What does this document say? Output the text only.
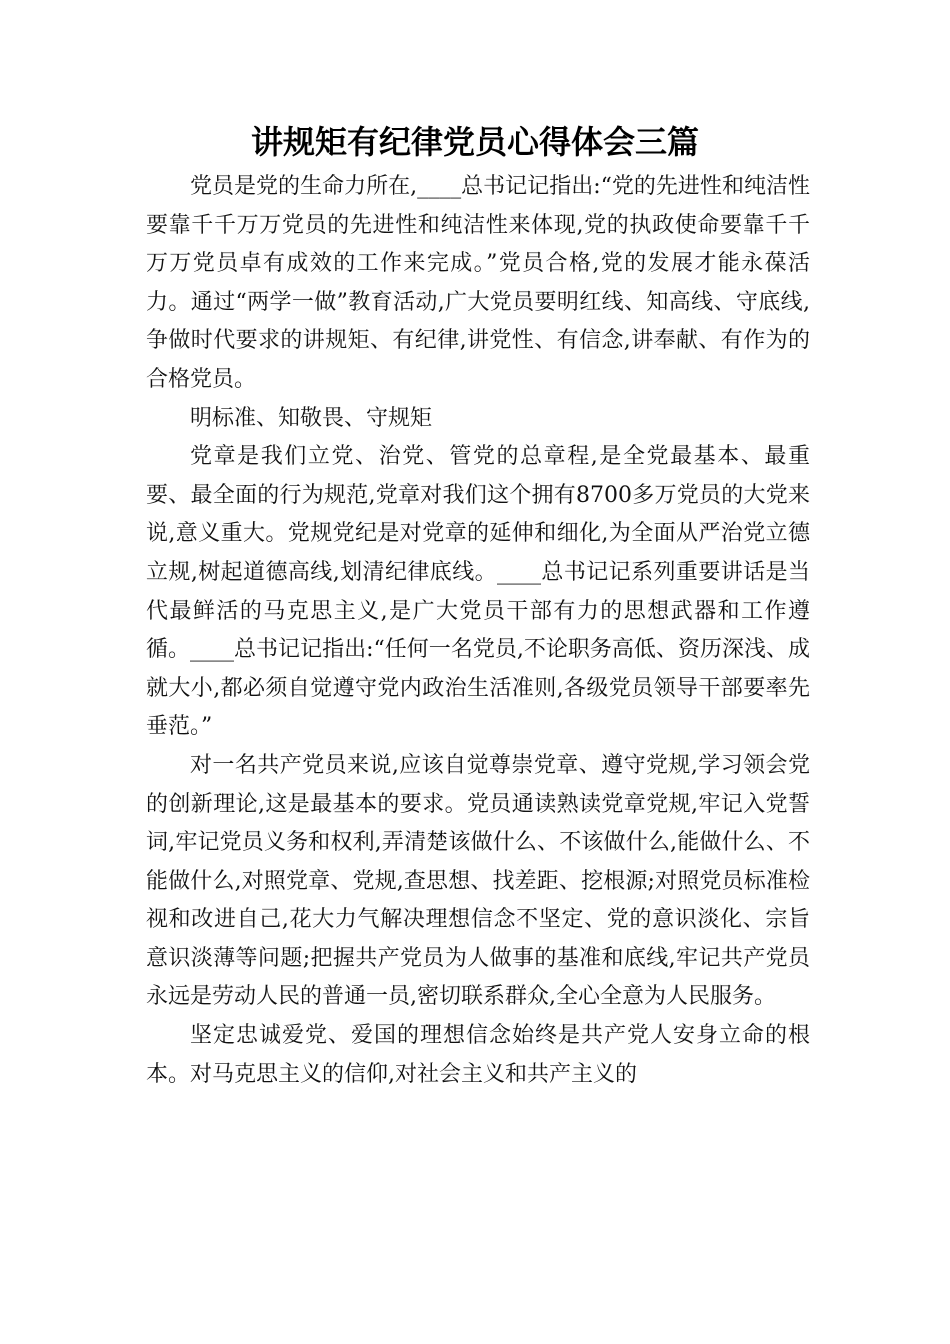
讲规矩有纪律党员心得体会三篇

党员是党的生命力所在,____总书记记指出:“党的先进性和纯洁性要靠千千万万党员的先进性和纯洁性来体现,党的执政使命要靠千千万万党员卓有成效的工作来完成。”党员合格,党的发展才能永葆活力。通过“两学一做”教育活动,广大党员要明红线、知高线、守底线,争做时代要求的讲规矩、有纪律,讲党性、有信念,讲奉献、有作为的合格党员。

明标准、知敬畏、守规矩

党章是我们立党、治党、管党的总章程,是全党最基本、最重要、最全面的行为规范,党章对我们这个拥有8700多万党员的大党来说,意义重大。党规党纪是对党章的延伸和细化,为全面从严治党立德立规,树起道德高线,划清纪律底线。____总书记记系列重要讲话是当代最鲜活的马克思主义,是广大党员干部有力的思想武器和工作遵循。____总书记记指出:“任何一名党员,不论职务高低、资历深浅、成就大小,都必须自觉遵守党内政治生活准则,各级党员领导干部要率先垂范。”

对一名共产党员来说,应该自觉尊崇党章、遵守党规,学习领会党的创新理论,这是最基本的要求。党员通读熟读党章党规,牢记入党誓词,牢记党员义务和权利,弄清楚该做什么、不该做什么,能做什么、不能做什么,对照党章、党规,查思想、找差距、挖根源;对照党员标准检视和改进自己,花大力气解决理想信念不坚定、党的意识淡化、宗旨意识淡薄等问题;把握共产党员为人做事的基准和底线,牢记共产党员永远是劳动人民的普通一员,密切联系群众,全心全意为人民服务。

坚定忠诚爱党、爱国的理想信念始终是共产党人安身立命的根本。对马克思主义的信仰,对社会主义和共产主义的
